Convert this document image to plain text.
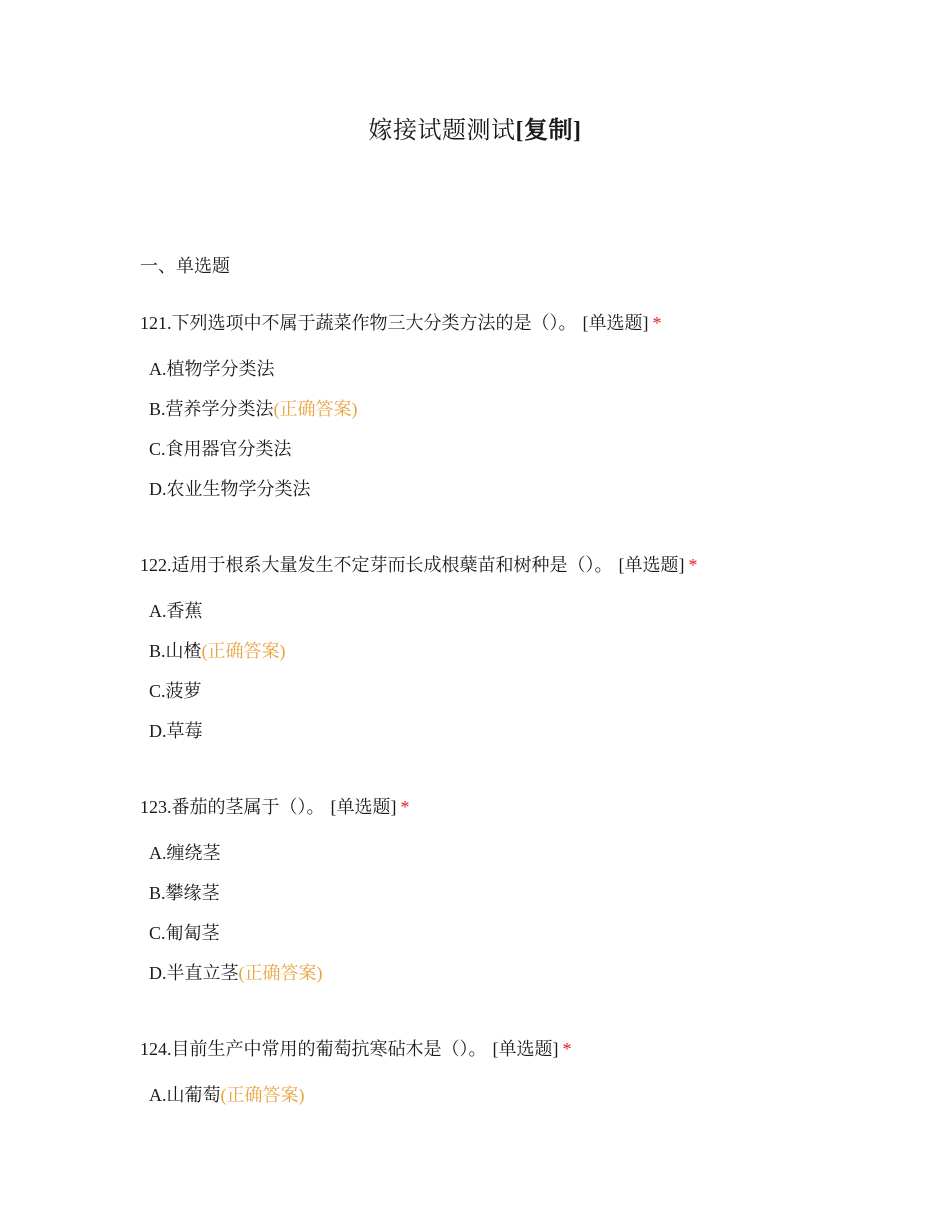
嫁接试题测试[复制]
一、单选题
121.下列选项中不属于蔬菜作物三大分类方法的是（）。 [单选题] *
A.植物学分类法
B.营养学分类法(正确答案)
C.食用器官分类法
D.农业生物学分类法
122.适用于根系大量发生不定芽而长成根蘖苗和树种是（）。 [单选题] *
A.香蕉
B.山楂(正确答案)
C.菠萝
D.草莓
123.番茄的茎属于（）。 [单选题] *
A.缠绕茎
B.攀缘茎
C.匍匐茎
D.半直立茎(正确答案)
124.目前生产中常用的葡萄抗寒砧木是（）。 [单选题] *
A.山葡萄(正确答案)
